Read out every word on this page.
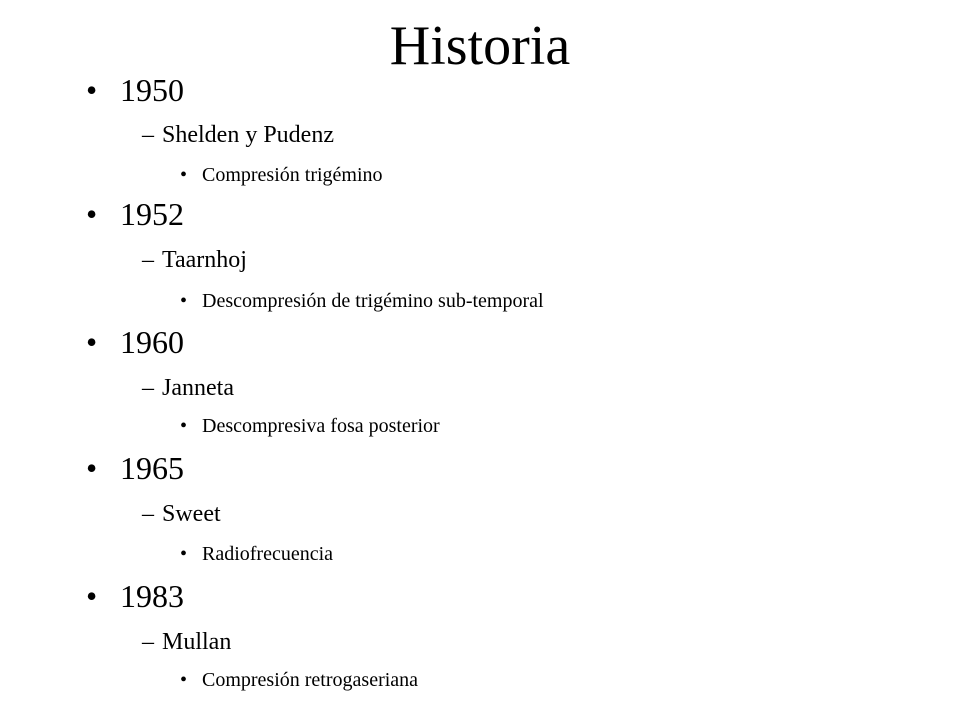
Historia
• 1950
– Shelden y Pudenz
• Compresión trigémino
• 1952
– Taarnhoj
• Descompresión de trigémino sub-temporal
• 1960
– Janneta
• Descompresiva fosa posterior
• 1965
– Sweet
• Radiofrecuencia
• 1983
– Mullan
• Compresión retrogaseriana
